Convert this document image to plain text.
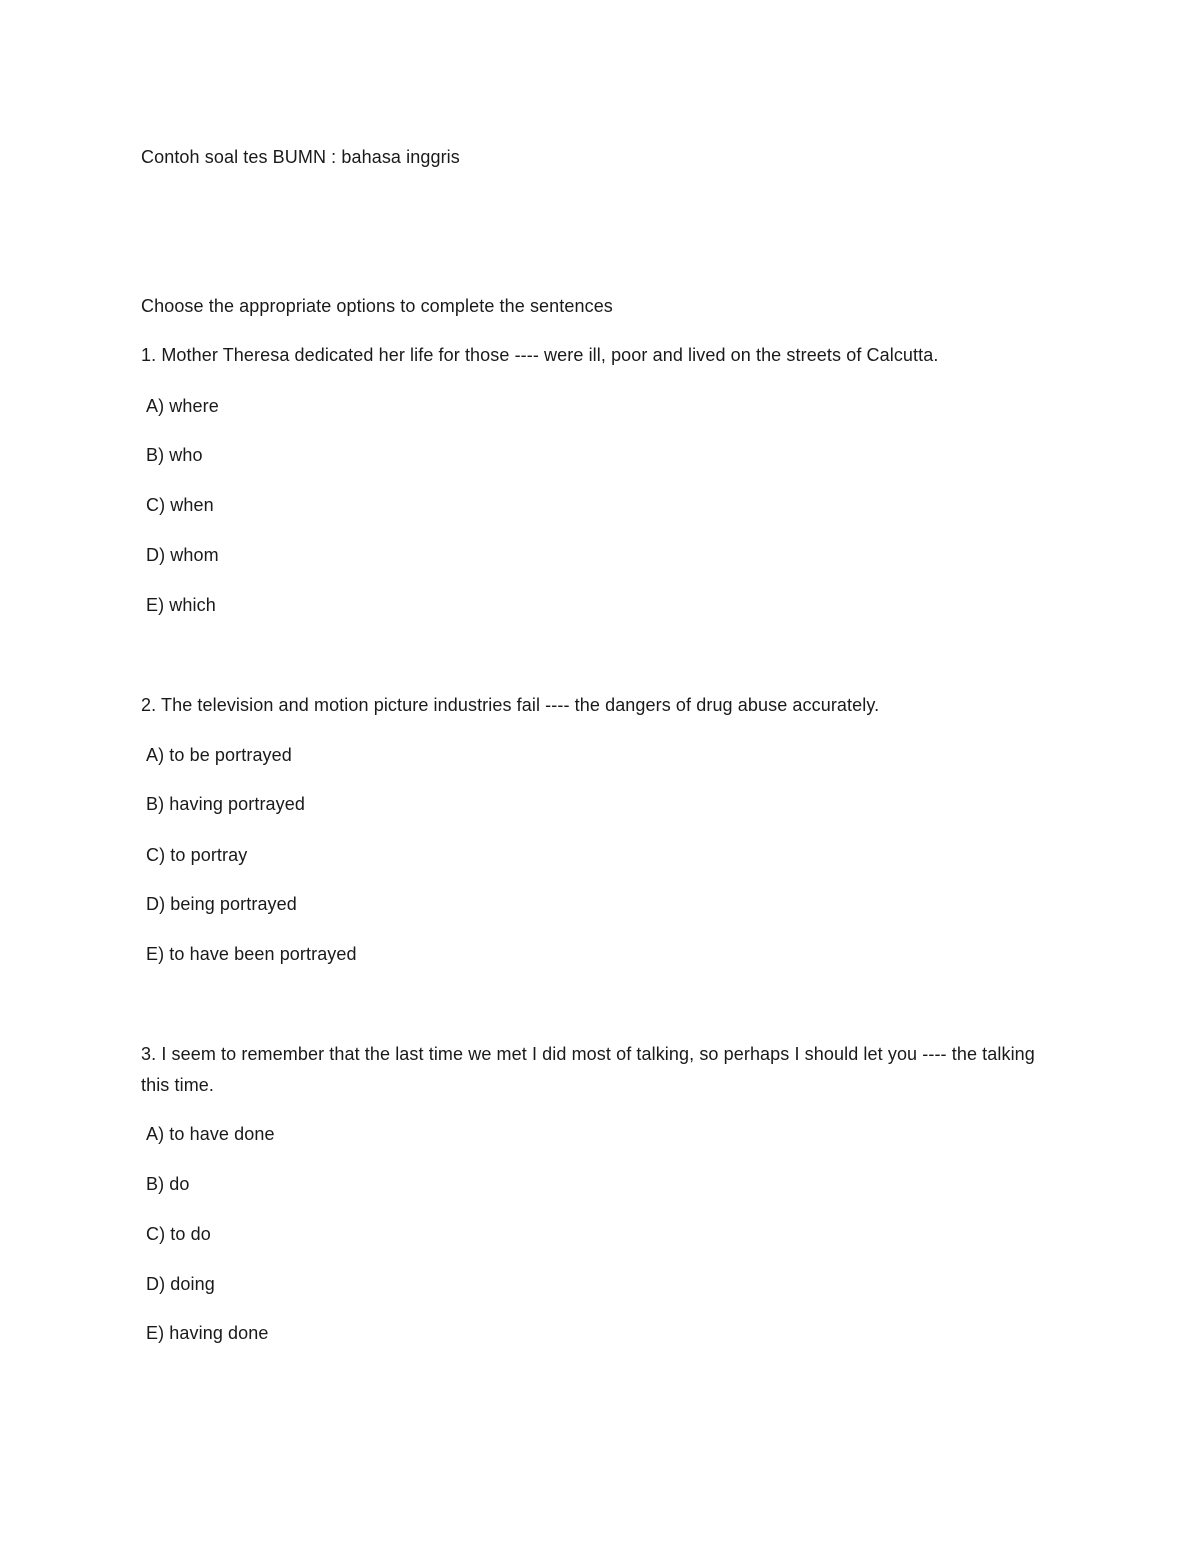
Contoh soal tes BUMN : bahasa inggris
Choose the appropriate options to complete the sentences
1. Mother Theresa dedicated her life for those ---- were ill, poor and lived on the streets of Calcutta.
A) where
B) who
C) when
D) whom
E) which
2. The television and motion picture industries fail ---- the dangers of drug abuse accurately.
A) to be portrayed
B) having portrayed
C) to portray
D) being portrayed
E) to have been portrayed
3. I seem to remember that the last time we met I did most of talking, so perhaps I should let you ---- the talking this time.
A) to have done
B) do
C) to do
D) doing
E) having done
